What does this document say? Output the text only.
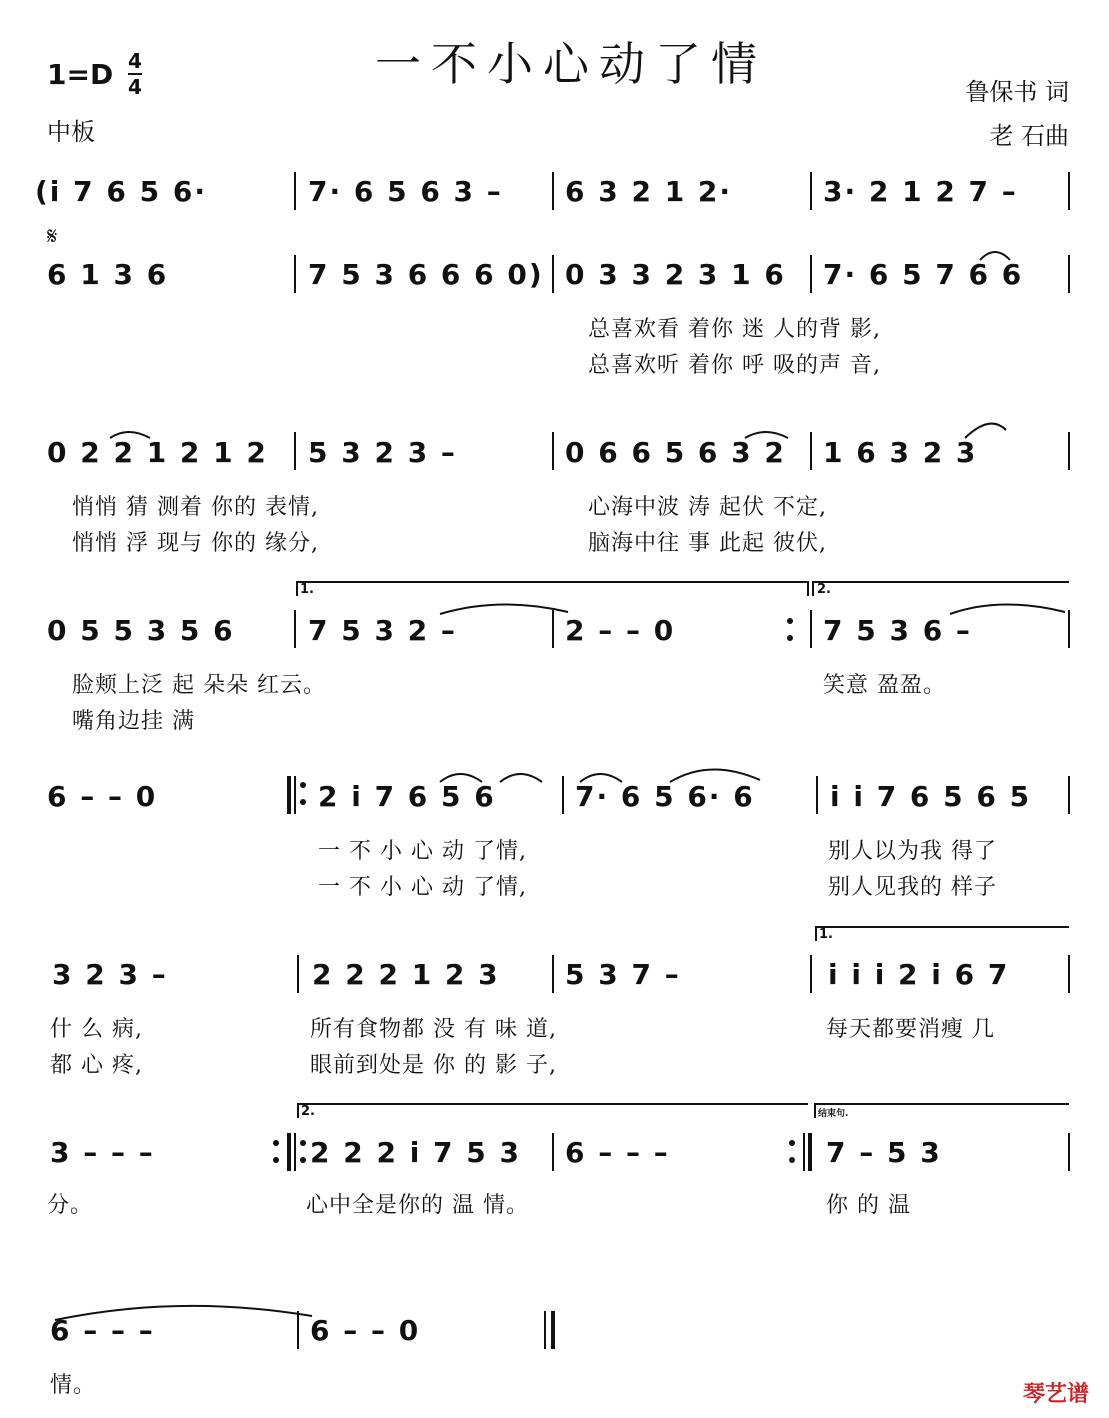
一不小心动了情
1=D 4
4
中板
鲁保书 词
老 石曲
(i 7 6 5 6·	7· 6 5 6 3 – 6 3 2 1 2·	3· 2 1 2 7 –
𝄋
6 1 3 6	7 5 3 6 6 6 0) 0 3 3 2 3 1 6 7· 6 5 7 6 6
总喜欢看 着你 迷 人的背 影,
总喜欢听 着你 呼 吸的声 音,
0 2 2 1 2 1 2 5 3 2 3 –	0 6 6 5 6 3 2 1 6 3 2 3
悄悄 猜 测着 你的 表情,	心海中波 涛 起伏 不定,
悄悄 浮 现与 你的 缘分,	脑海中往 事 此起 彼伏,
0 5 5 3 5 6	7 5 3 2 –	2 – – 0	7 5 3 6 –
脸颊上泛 起 朵朵 红云。	笑意 盈盈。
嘴角边挂 满
6 – – 0	2 i 7 6 5 6	7· 6 5 6· 6	i i 7 6 5 6 5
一 不 小 心 动 了情,	别人以为我 得了
一 不 小 心 动 了情,	别人见我的 样子
3 2 3 –	2 2 2 1 2 3 5 3 7 –	i i i 2 i 6 7
什 么 病,	所有食物都 没 有 味 道,	每天都要消瘦 几
都 心 疼,	眼前到处是 你 的 影 子,
3 – – –	2 2 2 i 7 5 3 6 – – –	7 – 5 3
分。	心中全是你的 温 情。	你 的 温
6 – – –	6 – – 0
情。
1.	2.
1.
2.	结束句.
琴艺谱
